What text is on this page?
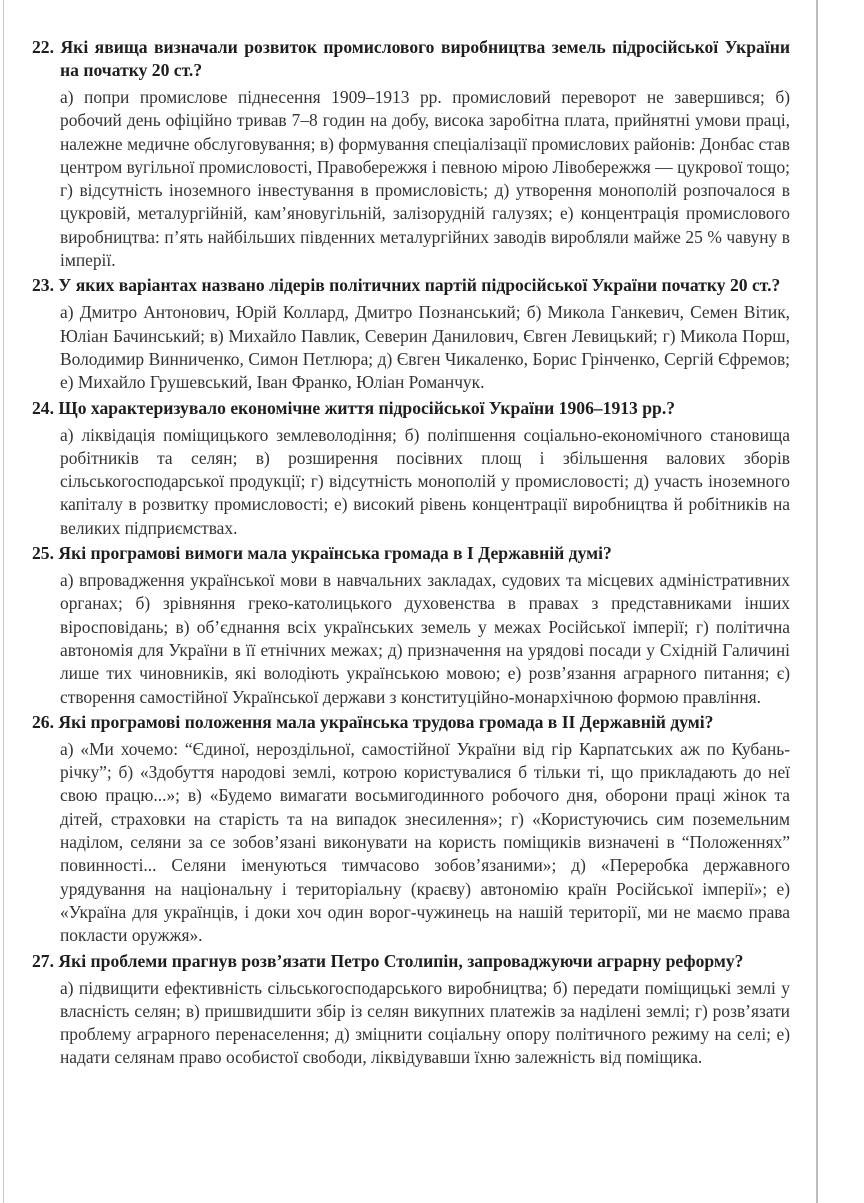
22. Які явища визначали розвиток промислового виробництва земель підросійської України на початку 20 ст.?
а) попри промислове піднесення 1909–1913 рр. промисловий переворот не завершився; б) робочий день офіційно тривав 7–8 годин на добу, висока заробітна плата, прийнятні умови праці, належне медичне обслуговування; в) формування спеціалізації промислових районів: Донбас став центром вугільної промисловості, Правобережжя і певною мірою Лівобережжя — цукрової тощо; г) відсутність іноземного інвестування в промисловість; д) утворення монополій розпочалося в цукровій, металургійній, кам’яновугільній, залізорудній галузях; е) концентрація промислового виробництва: п’ять найбільших південних металургійних заводів виробляли майже 25 % чавуну в імперії.
23. У яких варіантах названо лідерів політичних партій підросійської України початку 20 ст.?
а) Дмитро Антонович, Юрій Коллард, Дмитро Познанський; б) Микола Ганкевич, Семен Вітик, Юліан Бачинський; в) Михайло Павлик, Северин Данилович, Євген Левицький; г) Микола Порш, Володимир Винниченко, Симон Петлюра; д) Євген Чикаленко, Борис Грінченко, Сергій Єфремов; е) Михайло Грушевський, Іван Франко, Юліан Романчук.
24. Що характеризувало економічне життя підросійської України 1906–1913 рр.?
а) ліквідація поміщицького землеволодіння; б) поліпшення соціально-економічного становища робітників та селян; в) розширення посівних площ і збільшення валових зборів сільськогосподарської продукції; г) відсутність монополій у промисловості; д) участь іноземного капіталу в розвитку промисловості; е) високий рівень концентрації виробництва й робітників на великих підприємствах.
25. Які програмові вимоги мала українська громада в І Державній думі?
а) впровадження української мови в навчальних закладах, судових та місцевих адміністративних органах; б) зрівняння греко-католицького духовенства в правах з представниками інших віросповідань; в) об’єднання всіх українських земель у межах Російської імперії; г) політична автономія для України в її етнічних межах; д) призначення на урядові посади у Східній Галичині лише тих чиновників, які володіють українською мовою; е) розв’язання аграрного питання; є) створення самостійної Української держави з конституційно-монархічною формою правління.
26. Які програмові положення мала українська трудова громада в ІІ Державній думі?
а) «Ми хочемо: “Єдиної, нероздільної, самостійної України від гір Карпатських аж по Кубань-річку”; б) «Здобуття народові землі, котрою користувалися б тільки ті, що прикладають до неї свою працю...»; в) «Будемо вимагати восьмигодинного робочого дня, оборони праці жінок та дітей, страховки на старість та на випадок знесилення»; г) «Користуючись сим поземельним наділом, селяни за се зобов’язані виконувати на користь поміщиків визначені в “Положеннях” повинності... Селяни іменуються тимчасово зобов’язаними»; д) «Переробка державного урядування на національну і територіальну (краєву) автономію країн Російської імперії»; е) «Україна для українців, і доки хоч один ворог-чужинець на нашій території, ми не маємо права покласти оружжя».
27. Які проблеми прагнув розв’язати Петро Столипін, запроваджуючи аграрну реформу?
а) підвищити ефективність сільськогосподарського виробництва; б) передати поміщицькі землі у власність селян; в) пришвидшити збір із селян викупних платежів за наділені землі; г) розв’язати проблему аграрного перенаселення; д) зміцнити соціальну опору політичного режиму на селі; е) надати селянам право особистої свободи, ліквідувавши їхню залежність від поміщика.
